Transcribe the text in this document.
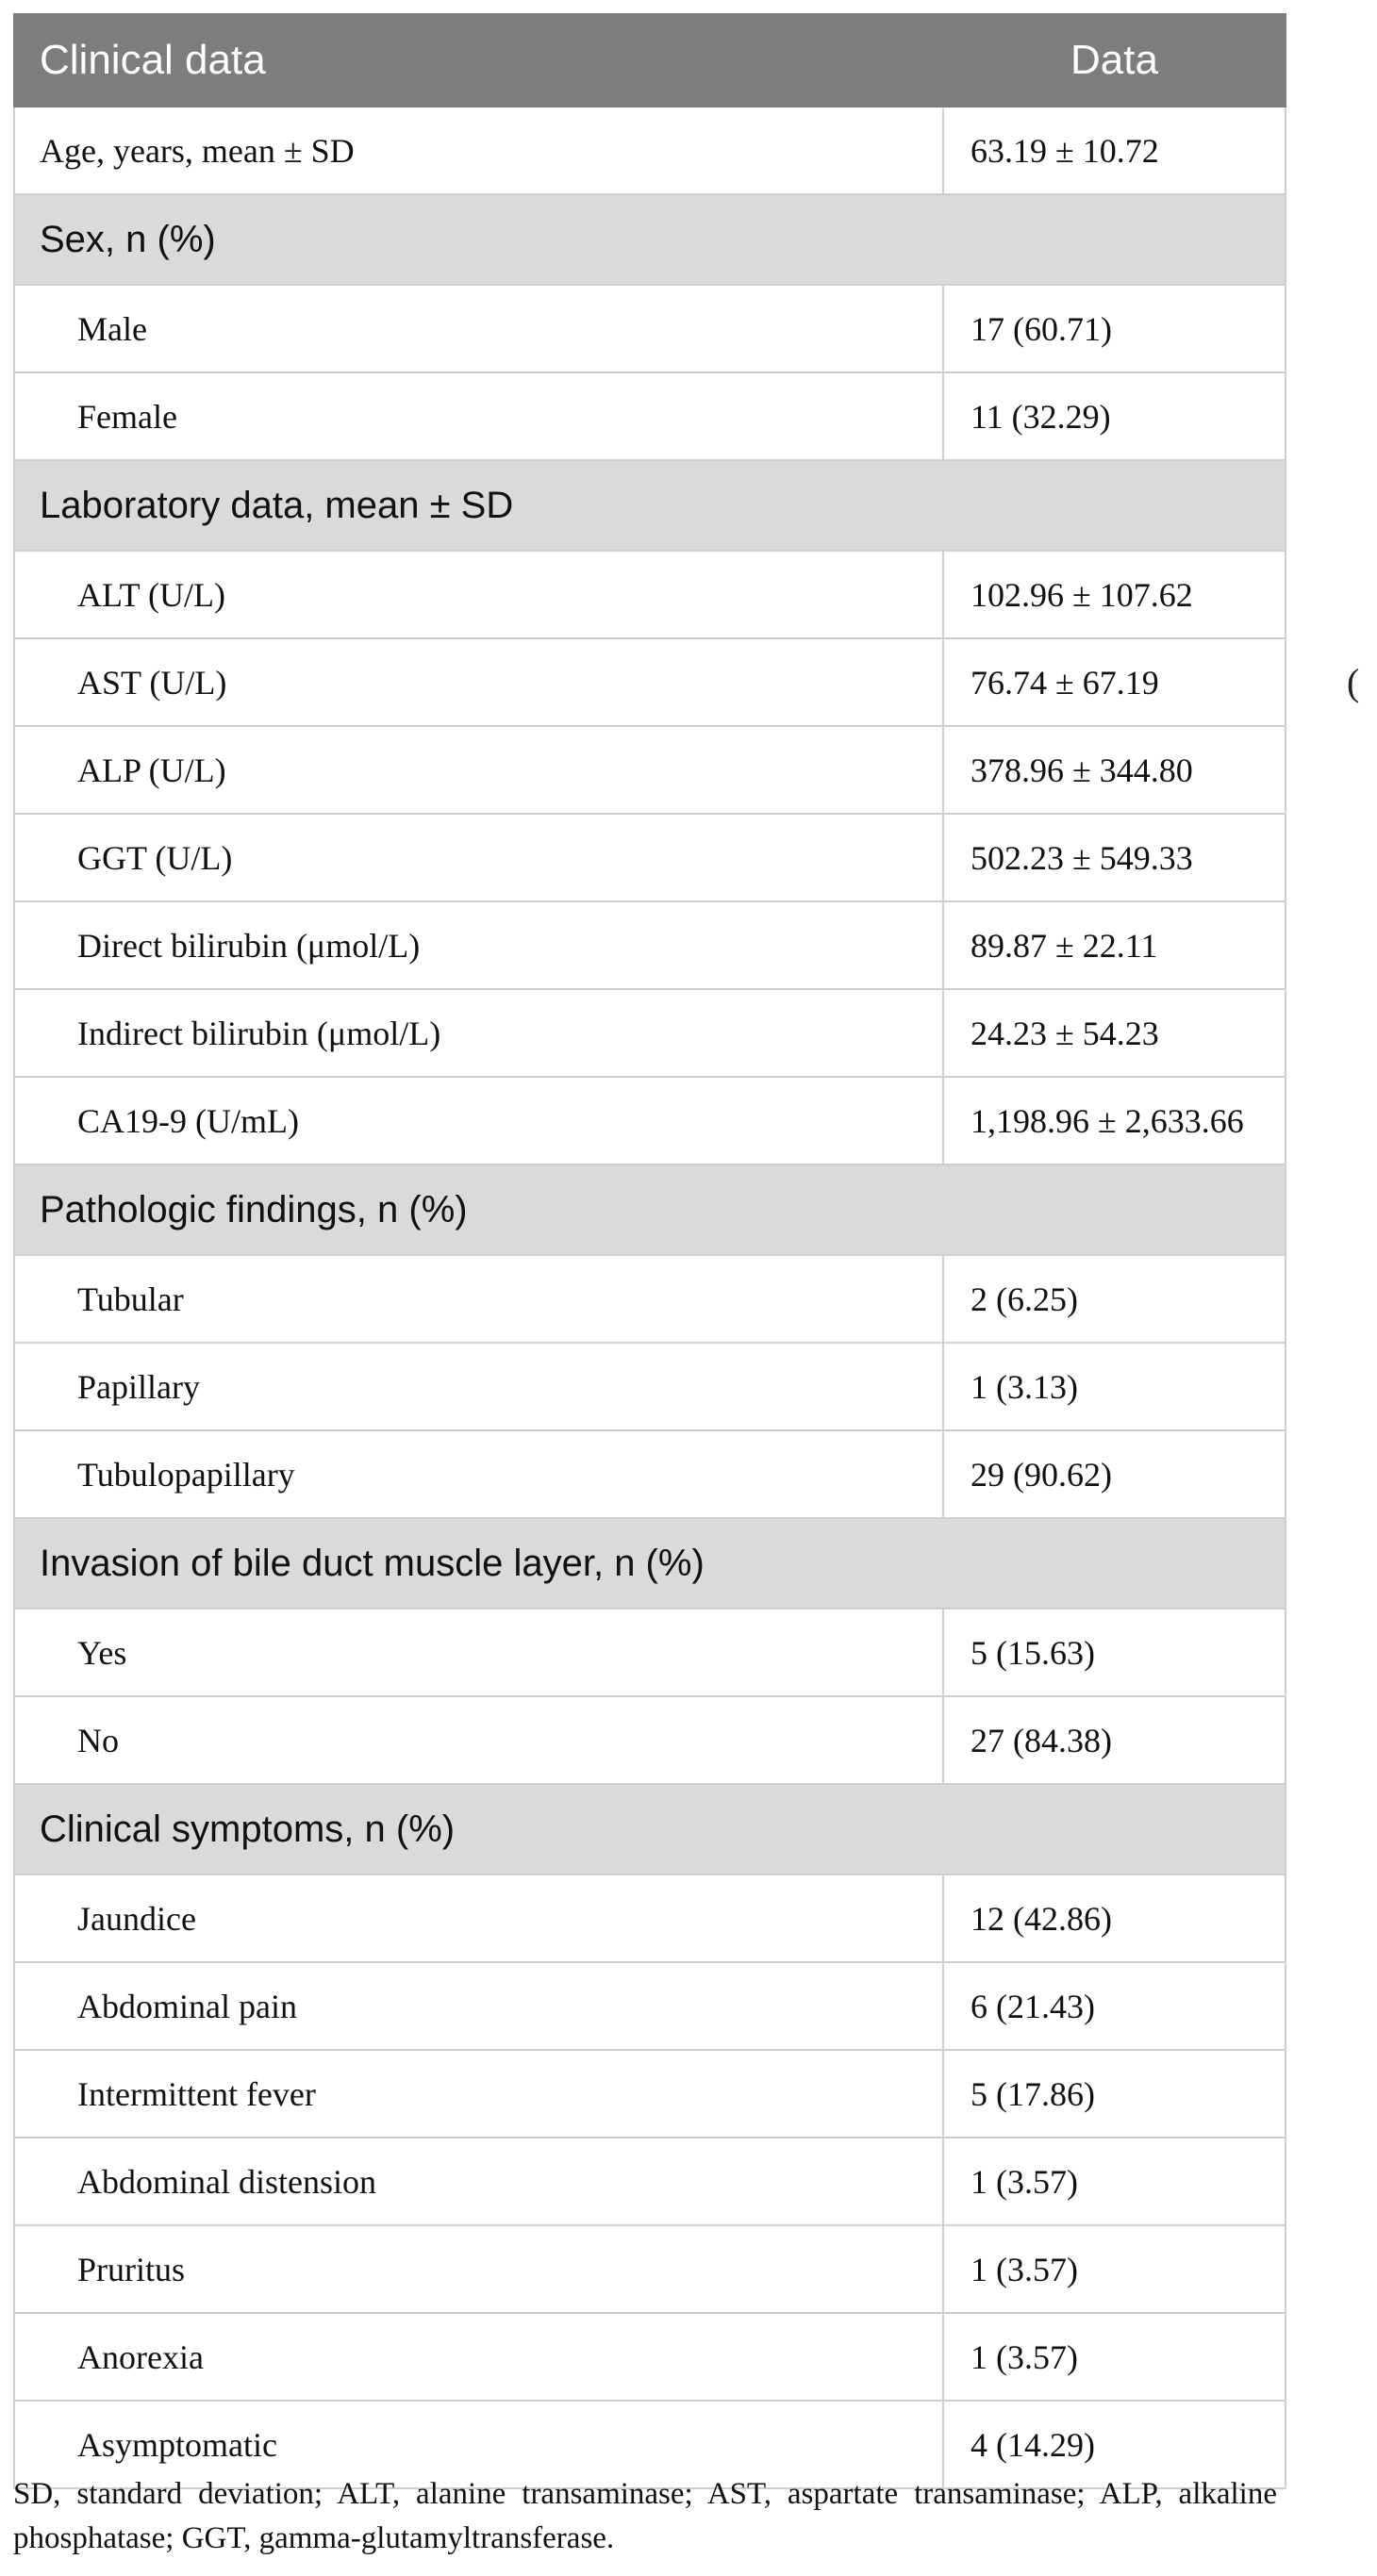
Clinical data	Data
Age, years, mean ± SD	63.19 ± 10.72
Sex, n (%)	
Male	17 (60.71)
Female	11 (32.29)
Laboratory data, mean ± SD	
ALT (U/L)	102.96 ± 107.62
AST (U/L)	76.74 ± 67.19
ALP (U/L)	378.96 ± 344.80
GGT (U/L)	502.23 ± 549.33
Direct bilirubin (μmol/L)	89.87 ± 22.11
Indirect bilirubin (μmol/L)	24.23 ± 54.23
CA19-9 (U/mL)	1,198.96 ± 2,633.66
Pathologic findings, n (%)	
Tubular	2 (6.25)
Papillary	1 (3.13)
Tubulopapillary	29 (90.62)
Invasion of bile duct muscle layer, n (%)	
Yes	5 (15.63)
No	27 (84.38)
Clinical symptoms, n (%)	
Jaundice	12 (42.86)
Abdominal pain	6 (21.43)
Intermittent fever	5 (17.86)
Abdominal distension	1 (3.57)
Pruritus	1 (3.57)
Anorexia	1 (3.57)
Asymptomatic	4 (14.29)
(
SD, standard deviation; ALT, alanine transaminase; AST, aspartate transaminase; ALP, alkaline phosphatase; GGT, gamma-glutamyltransferase.
